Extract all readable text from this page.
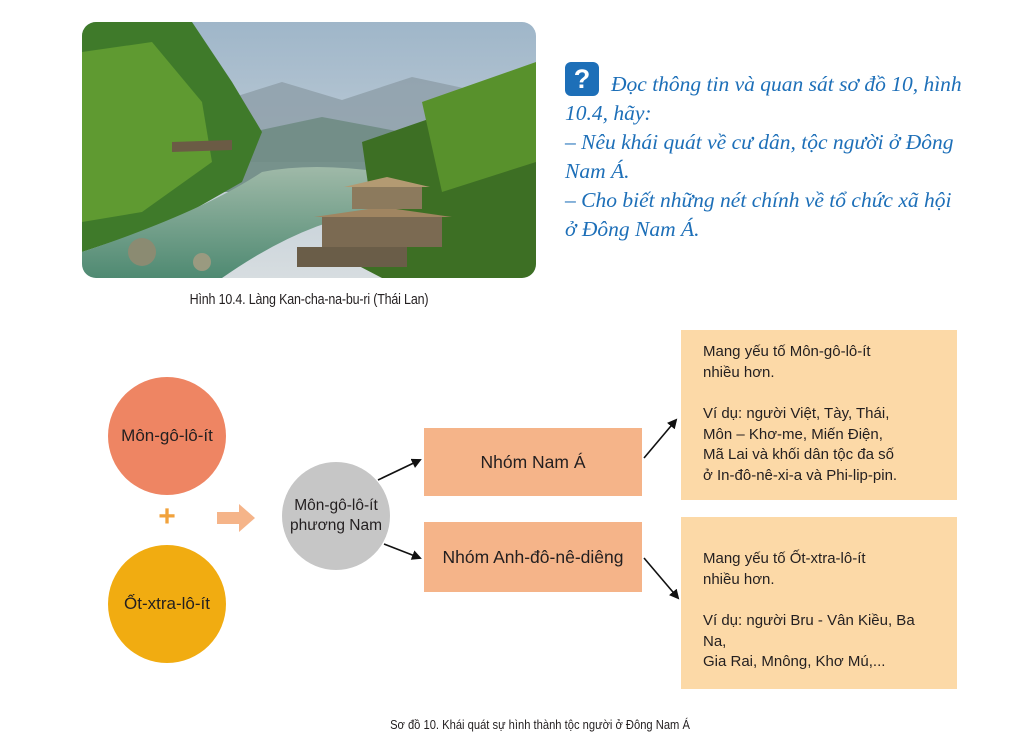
Hình 10.4. Làng Kan-cha-na-bu-ri (Thái Lan)
? Đọc thông tin và quan sát sơ đồ 10, hình 10.4, hãy:

– Nêu khái quát về cư dân, tộc người ở Đông Nam Á.

– Cho biết những nét chính về tổ chức xã hội ở Đông Nam Á.

Môn-gô-lô-ít
+
Ốt-xtra-lô-ít
Môn-gô-lô-ít
phương Nam
Nhóm Nam Á
Nhóm Anh-đô-nê-diêng

Mang yếu tố Môn-gô-lô-ít

nhiều hơn.

Ví dụ: người Việt, Tày, Thái,

Môn – Khơ-me, Miến Điện,

Mã Lai và khối dân tộc đa số

ở In-đô-nê-xi-a và Phi-lip-pin.

Mang yếu tố Ốt-xtra-lô-ít

nhiều hơn.

Ví dụ: người Bru - Vân Kiều, Ba Na,

Gia Rai, Mnông, Khơ Mú,...

Sơ đồ 10. Khái quát sự hình thành tộc người ở Đông Nam Á
